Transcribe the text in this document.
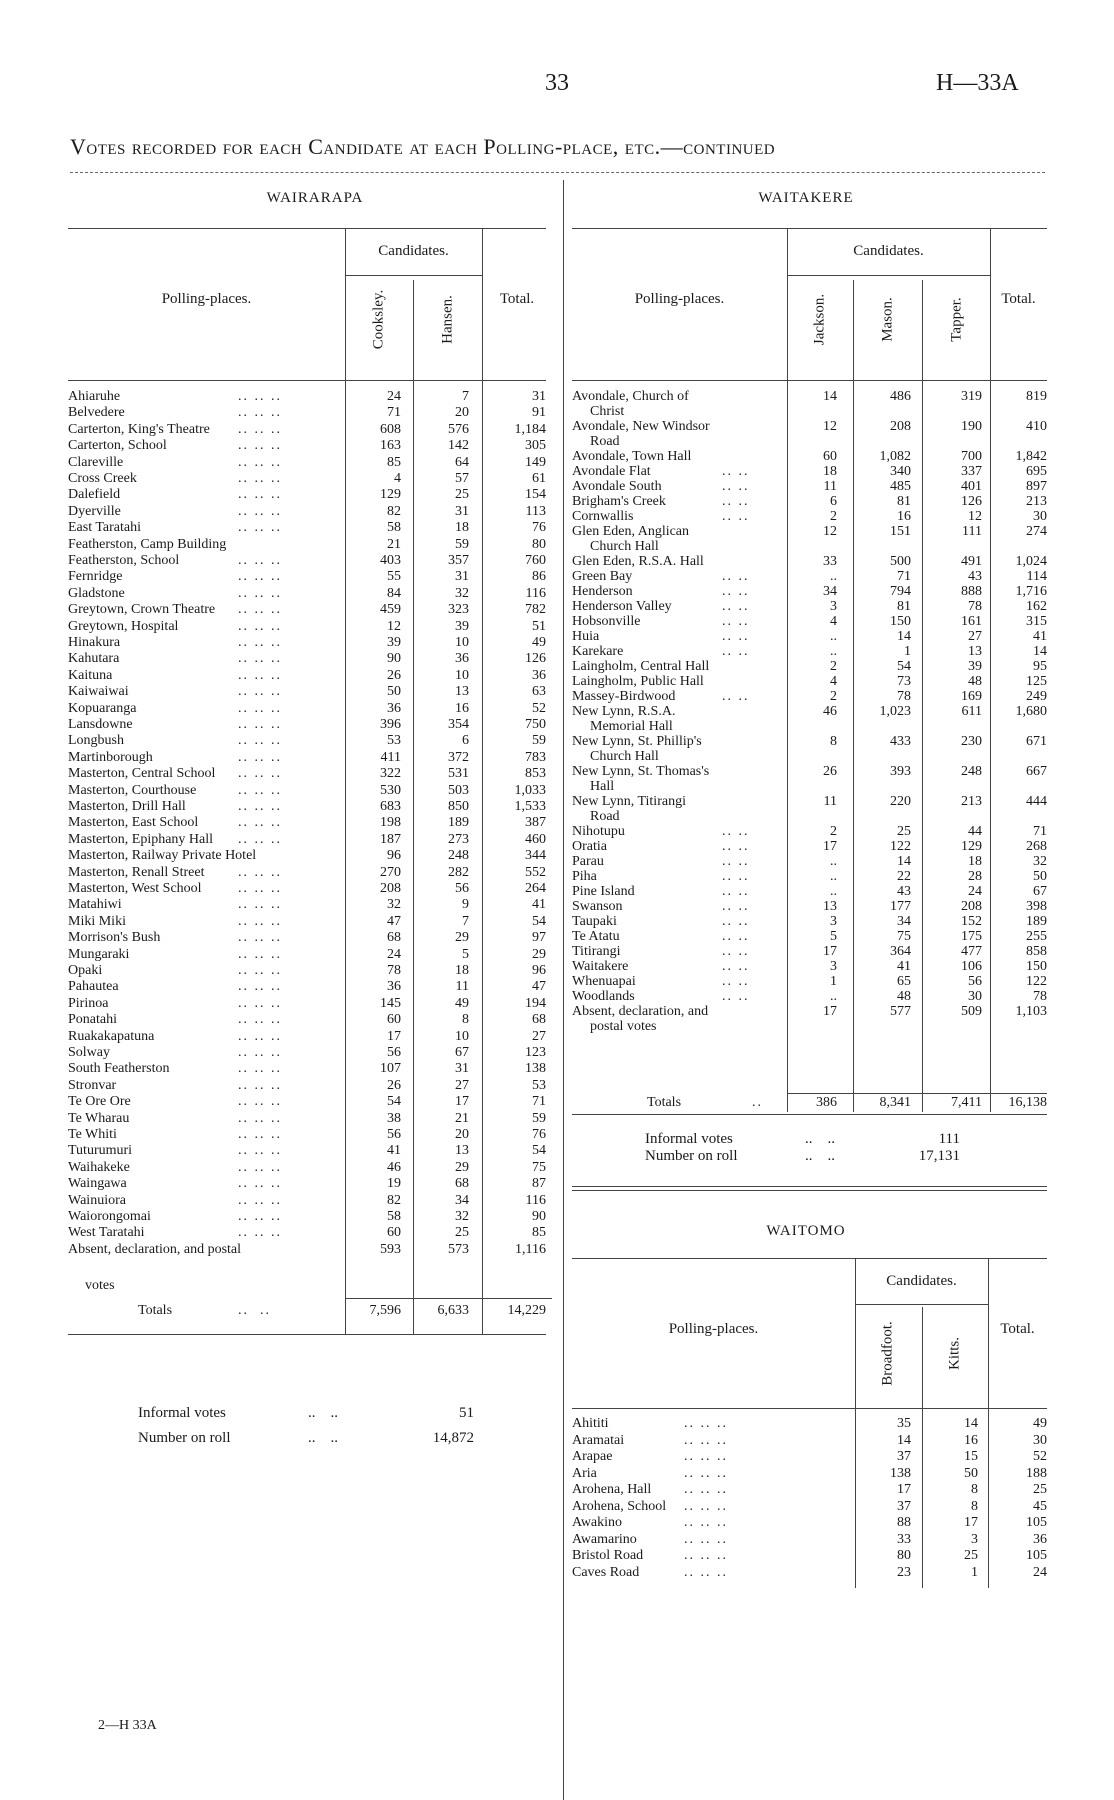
33	H—33A
Votes recorded for each Candidate at each Polling-place, etc.—continued
WAIRARAPA
Candidates.
Polling-places.	Total.
Cooksley.	Hansen.
Ahiaruhe	.. .. ..	24	7	31
Belvedere	.. .. ..	71	20	91
Carterton, King's Theatre .. .. ..	608	576	1,184
Carterton, School	.. .. ..	163	142	305
Clareville	.. .. ..	85	64	149
Cross Creek	.. .. ..	4	57	61
Dalefield	.. .. ..	129	25	154
Dyerville	.. .. ..	82	31	113
East Taratahi	.. .. ..	58	18	76
Featherston, Camp Building	21	59	80
Featherston, School	.. .. ..	403	357	760
Fernridge	.. .. ..	55	31	86
Gladstone	.. .. ..	84	32	116
Greytown, Crown Theatre .. .. ..	459	323	782
Greytown, Hospital	.. .. ..	12	39	51
Hinakura	.. .. ..	39	10	49
Kahutara	.. .. ..	90	36	126
Kaituna	.. .. ..	26	10	36
Kaiwaiwai	.. .. ..	50	13	63
Kopuaranga	.. .. ..	36	16	52
Lansdowne	.. .. ..	396	354	750
Longbush	.. .. ..	53	6	59
Martinborough	.. .. ..	411	372	783
Masterton, Central School .. .. ..	322	531	853
Masterton, Courthouse	.. .. ..	530	503	1,033
Masterton, Drill Hall	.. .. ..	683	850	1,533
Masterton, East School	.. .. ..	198	189	387
Masterton, Epiphany Hall .. .. ..	187	273	460
Masterton, Railway Private Hotel	96	248	344
Masterton, Renall Street .. .. ..	270	282	552
Masterton, West School	.. .. ..	208	56	264
Matahiwi	.. .. ..	32	9	41
Miki Miki	.. .. ..	47	7	54
Morrison's Bush	.. .. ..	68	29	97
Mungaraki	.. .. ..	24	5	29
Opaki	.. .. ..	78	18	96
Pahautea	.. .. ..	36	11	47
Pirinoa	.. .. ..	145	49	194
Ponatahi	.. .. ..	60	8	68
Ruakakapatuna	.. .. ..	17	10	27
Solway	.. .. ..	56	67	123
South Featherston	.. .. ..	107	31	138
Stronvar	.. .. ..	26	27	53
Te Ore Ore	.. .. ..	54	17	71
Te Wharau	.. .. ..	38	21	59
Te Whiti	.. .. ..	56	20	76
Tuturumuri	.. .. ..	41	13	54
Waihakeke	.. .. ..	46	29	75
Waingawa	.. .. ..	19	68	87
Wainuiora	.. .. ..	82	34	116
Waiorongomai	.. .. ..	58	32	90
West Taratahi	.. .. ..	60	25	85
Absent, declaration, and postal	593	573	1,116
votes
Totals	..  ..	7,596	6,633	14,229
Informal votes	..    ..	51
Number on roll	..    ..	14,872
WAITAKERE
Candidates.
Polling-places.	Total.
Jackson.	Mason.	Tapper.
Avondale, Church of
Christ
14	486	319	819
Avondale, New Windsor
Road
12	208	190	410
Avondale, Town Hall	60	1,082	700	1,842
Avondale Flat	.. ..	18	340	337	695
Avondale South	.. ..	11	485	401	897
Brigham's Creek	.. ..	6	81	126	213
Cornwallis	.. ..	2	16	12	30
Glen Eden, Anglican
Church Hall
12	151	111	274
Glen Eden, R.S.A. Hall	33	500	491	1,024
Green Bay	.. ..	..	71	43	114
Henderson	.. ..	34	794	888	1,716
Henderson Valley	.. ..	3	81	78	162
Hobsonville	.. ..	4	150	161	315
Huia	.. ..	..	14	27	41
Karekare	.. ..	..	1	13	14
Laingholm, Central Hall	2	54	39	95
Laingholm, Public Hall	4	73	48	125
Massey-Birdwood	.. ..	2	78	169	249
New Lynn, R.S.A.
Memorial Hall
46	1,023	611	1,680
New Lynn, St. Phillip's
Church Hall
8	433	230	671
New Lynn, St. Thomas's
Hall
26	393	248	667
New Lynn, Titirangi
Road
11	220	213	444
Nihotupu	.. ..	2	25	44	71
Oratia	.. ..	17	122	129	268
Parau	.. ..	..	14	18	32
Piha	.. ..	..	22	28	50
Pine Island	.. ..	..	43	24	67
Swanson	.. ..	13	177	208	398
Taupaki	.. ..	3	34	152	189
Te Atatu	.. ..	5	75	175	255
Titirangi	.. ..	17	364	477	858
Waitakere	.. ..	3	41	106	150
Whenuapai	.. ..	1	65	56	122
Woodlands	.. ..	..	48	30	78
Absent, declaration, and
postal votes
17	577	509	1,103
Totals	..	386	8,341	7,411	16,138
Informal votes	..    ..	111
Number on roll	..    ..	17,131
WAITOMO
Candidates.
Polling-places.	Total.
Broadfoot.	Kitts.
Ahititi	.. .. ..	35	14	49
Aramatai	.. .. ..	14	16	30
Arapae	.. .. ..	37	15	52
Aria	.. .. ..	138	50	188
Arohena, Hall .. .. ..	17	8	25
Arohena, School .. .. ..	37	8	45
Awakino	.. .. ..	88	17	105
Awamarino	.. .. ..	33	3	36
Bristol Road	.. .. ..	80	25	105
Caves Road	.. .. ..	23	1	24
2—H 33A
